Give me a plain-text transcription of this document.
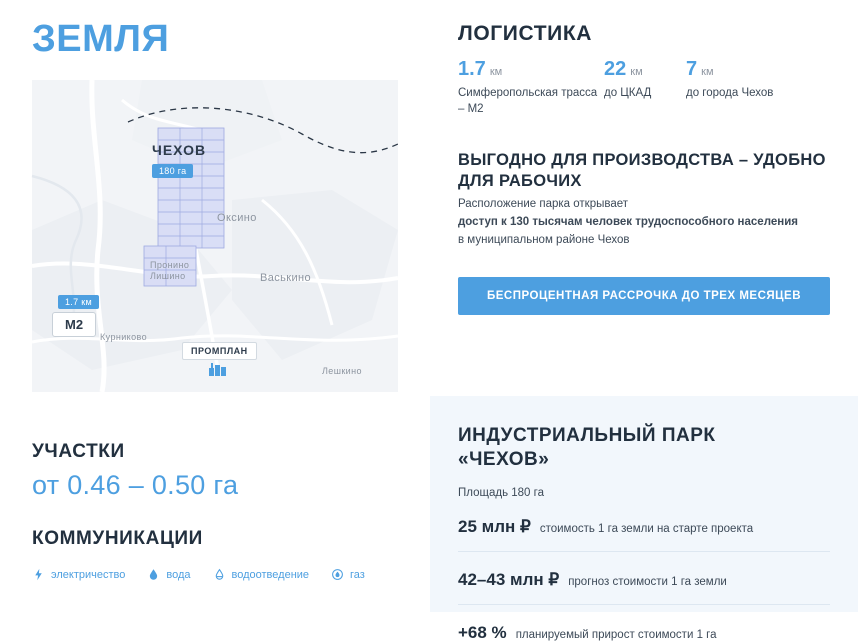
ЗЕМЛЯ
ЧЕХОВ
180 га
1.7 км
М2
Оксино
Васькино
Пронино Лишино
Курниково
Лешкино
ПРОМПЛАН
УЧАСТКИ
от 0.46 – 0.50 га
КОММУНИКАЦИИ
электричество	вода	водоотведение	газ
ЛОГИСТИКА
1.7 км
Симферопольская трасса – М2
22 км
до ЦКАД
7 км
до города Чехов
ВЫГОДНО ДЛЯ ПРОИЗВОДСТВА – УДОБНО ДЛЯ РАБОЧИХ
Расположение парка открывает
доступ к 130 тысячам человек трудоспособного населения
в муниципальном районе Чехов
БЕСПРОЦЕНТНАЯ РАССРОЧКА ДО ТРЕХ МЕСЯЦЕВ
ИНДУСТРИАЛЬНЫЙ ПАРК
«ЧЕХОВ»
Площадь 180 га
25 млн ₽ стоимость 1 га земли на старте проекта
42–43 млн ₽ прогноз стоимости 1 га земли
+68 % планируемый прирост стоимости 1 га
